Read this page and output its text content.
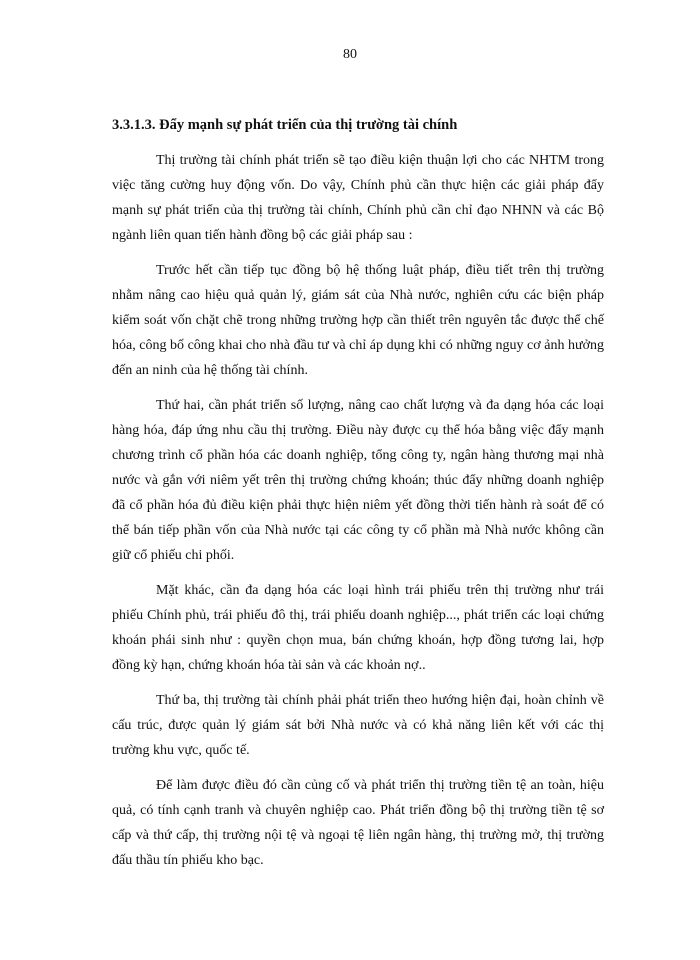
80
3.3.1.3. Đẩy mạnh sự phát triển của thị trường tài chính

Thị trường tài chính phát triển sẽ tạo điều kiện thuận lợi cho các NHTM trong việc tăng cường huy động vốn. Do vậy, Chính phủ cần thực hiện các giải pháp đẩy mạnh sự phát triển của thị trường tài chính, Chính phủ cần chỉ đạo NHNN và các Bộ ngành liên quan tiến hành đồng bộ các giải pháp sau :

Trước hết cần tiếp tục đồng bộ hệ thống luật pháp, điều tiết trên thị trường nhằm nâng cao hiệu quả quản lý, giám sát của Nhà nước, nghiên cứu các biện pháp kiểm soát vốn chặt chẽ trong những trường hợp cần thiết trên nguyên tắc được thể chế hóa, công bố công khai cho nhà đầu tư và chỉ áp dụng khi có những nguy cơ ảnh hưởng đến an ninh của hệ thống tài chính.

Thứ hai, cần phát triển số lượng, nâng cao chất lượng và đa dạng hóa các loại hàng hóa, đáp ứng nhu cầu thị trường. Điều này được cụ thể hóa bằng việc đẩy mạnh chương trình cổ phần hóa các doanh nghiệp, tổng công ty, ngân hàng thương mại nhà nước và gắn với niêm yết trên thị trường chứng khoán; thúc đẩy những doanh nghiệp đã cổ phần hóa đủ điều kiện phải thực hiện niêm yết đồng thời tiến hành rà soát để có thể bán tiếp phần vốn của Nhà nước tại các công ty cổ phần mà Nhà nước không cần giữ cổ phiếu chi phối.

Mặt khác, cần đa dạng hóa các loại hình trái phiếu trên thị trường như trái phiếu Chính phủ, trái phiếu đô thị, trái phiếu doanh nghiệp..., phát triển các loại chứng khoán phái sinh như : quyền chọn mua, bán chứng khoán, hợp đồng tương lai, hợp đồng kỳ hạn, chứng khoán hóa tài sản và các khoản nợ..

Thứ ba, thị trường tài chính phải phát triển theo hướng hiện đại, hoàn chỉnh về cấu trúc, được quản lý giám sát bởi Nhà nước và có khả năng liên kết với các thị trường khu vực, quốc tế.

Để làm được điều đó cần củng cố và phát triển thị trường tiền tệ an toàn, hiệu quả, có tính cạnh tranh và chuyên nghiệp cao. Phát triển đồng bộ thị trường tiền tệ sơ cấp và thứ cấp, thị trường nội tệ và ngoại tệ liên ngân hàng, thị trường mở, thị trường đấu thầu tín phiếu kho bạc.
